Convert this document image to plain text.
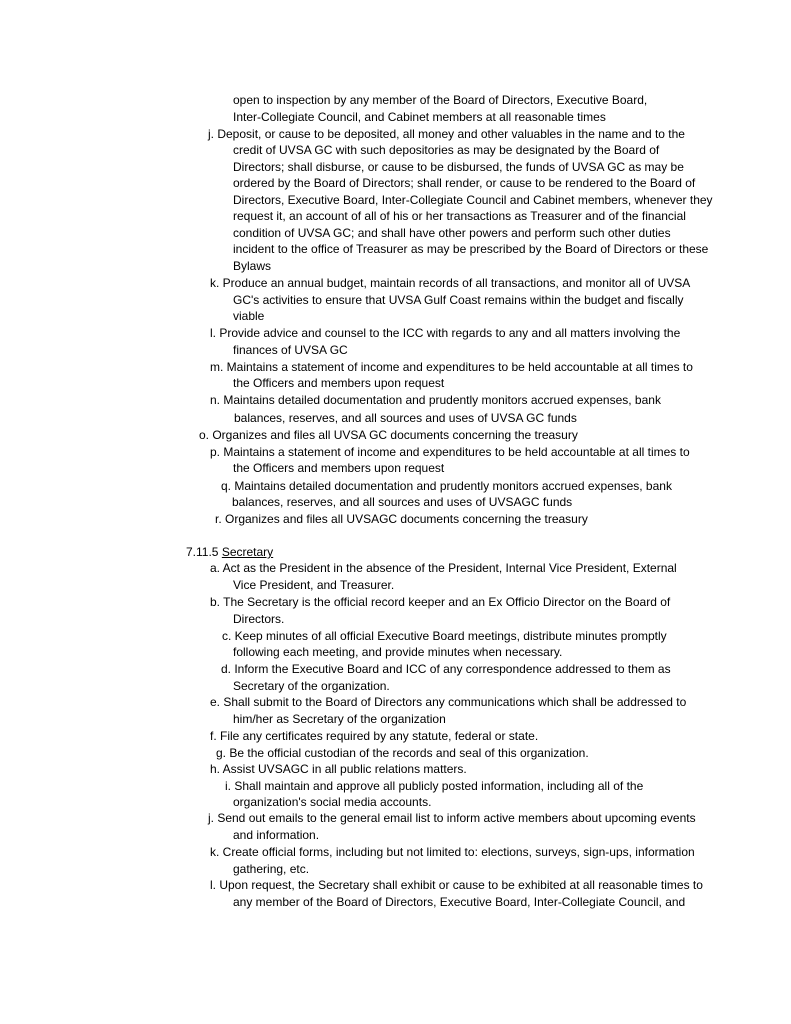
open to inspection by any member of the Board of Directors, Executive Board,
Inter-Collegiate Council, and Cabinet members at all reasonable times
j. Deposit, or cause to be deposited, all money and other valuables in the name and to the
credit of UVSA GC with such depositories as may be designated by the Board of
Directors; shall disburse, or cause to be disbursed, the funds of UVSA GC as may be
ordered by the Board of Directors; shall render, or cause to be rendered to the Board of
Directors, Executive Board, Inter-Collegiate Council and Cabinet members, whenever they
request it, an account of all of his or her transactions as Treasurer and of the financial
condition of UVSA GC; and shall have other powers and perform such other duties
incident to the office of Treasurer as may be prescribed by the Board of Directors or these
Bylaws
k. Produce an annual budget, maintain records of all transactions, and monitor all of UVSA
GC's activities to ensure that UVSA Gulf Coast remains within the budget and fiscally
viable
l. Provide advice and counsel to the ICC with regards to any and all matters involving the
finances of UVSA GC
m. Maintains a statement of income and expenditures to be held accountable at all times to
the Officers and members upon request
n. Maintains detailed documentation and prudently monitors accrued expenses, bank
balances, reserves, and all sources and uses of UVSA GC funds
o. Organizes and files all UVSA GC documents concerning the treasury
p. Maintains a statement of income and expenditures to be held accountable at all times to
the Officers and members upon request
q. Maintains detailed documentation and prudently monitors accrued expenses, bank
balances, reserves, and all sources and uses of UVSAGC funds
r. Organizes and files all UVSAGC documents concerning the treasury
7.11.5 Secretary
a. Act as the President in the absence of the President, Internal Vice President, External
Vice President, and Treasurer.
b. The Secretary is the official record keeper and an Ex Officio Director on the Board of
Directors.
c. Keep minutes of all official Executive Board meetings, distribute minutes promptly
following each meeting, and provide minutes when necessary.
d. Inform the Executive Board and ICC of any correspondence addressed to them as
Secretary of the organization.
e. Shall submit to the Board of Directors any communications which shall be addressed to
him/her as Secretary of the organization
f. File any certificates required by any statute, federal or state.
g. Be the official custodian of the records and seal of this organization.
h. Assist UVSAGC in all public relations matters.
i. Shall maintain and approve all publicly posted information, including all of the
organization's social media accounts.
j. Send out emails to the general email list to inform active members about upcoming events
and information.
k. Create official forms, including but not limited to: elections, surveys, sign-ups, information
gathering, etc.
l. Upon request, the Secretary shall exhibit or cause to be exhibited at all reasonable times to
any member of the Board of Directors, Executive Board, Inter-Collegiate Council, and
